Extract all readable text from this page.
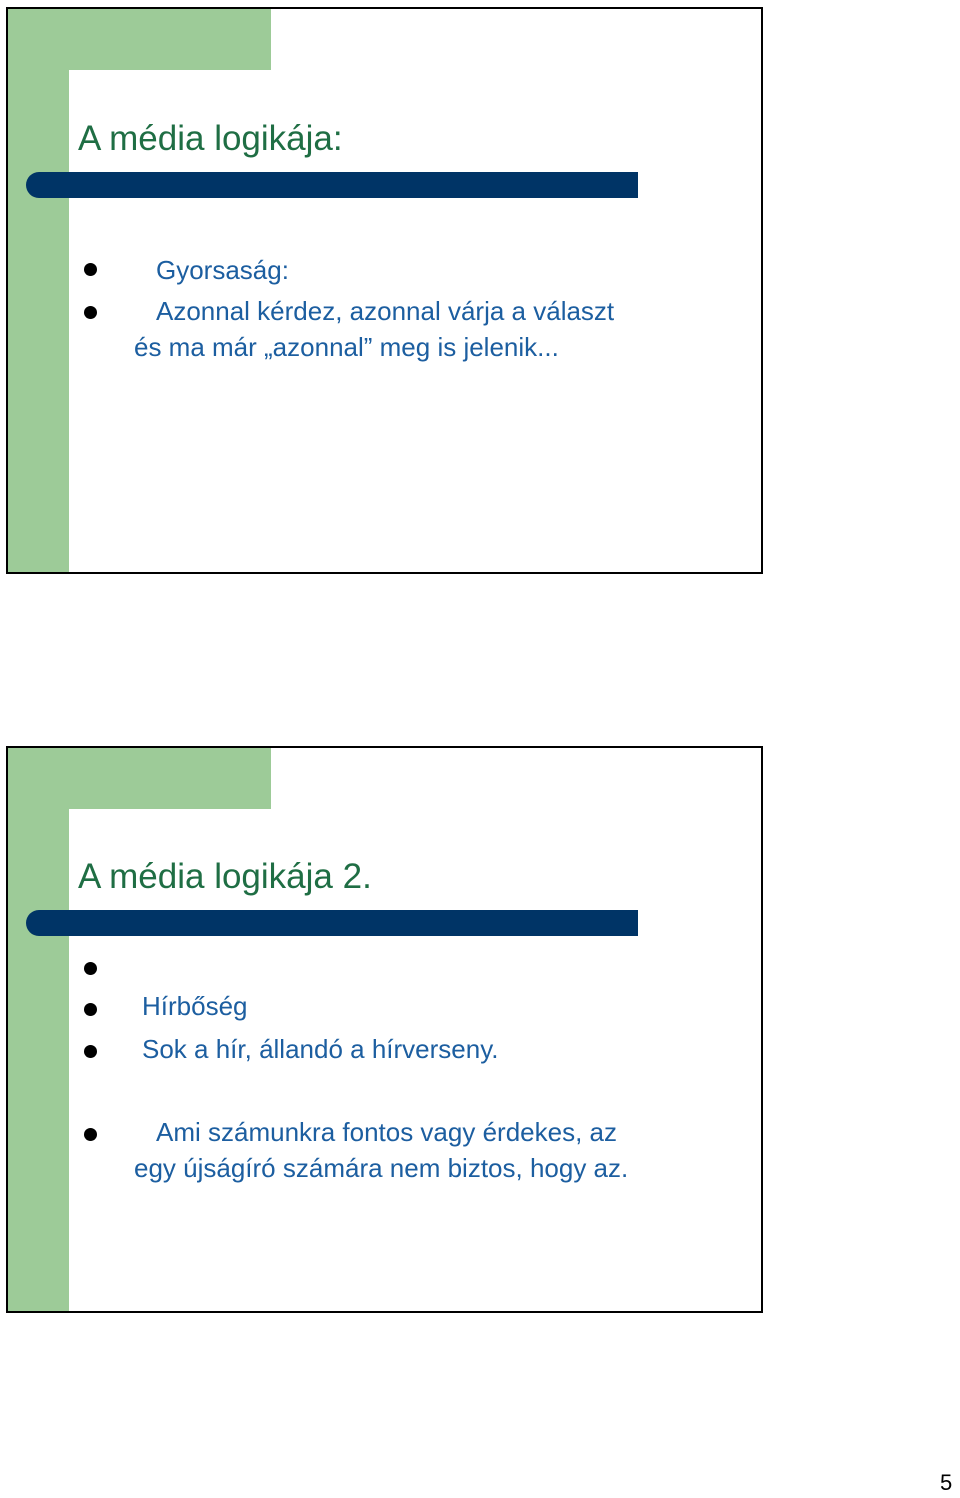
A média logikája:
Gyorsaság:
Azonnal kérdez, azonnal várja a választ
és ma már „azonnal” meg is jelenik...
A média logikája 2.
Hírbőség
Sok a hír, állandó a hírverseny.
Ami számunkra fontos vagy érdekes, az
egy újságíró számára nem biztos, hogy az.
5
